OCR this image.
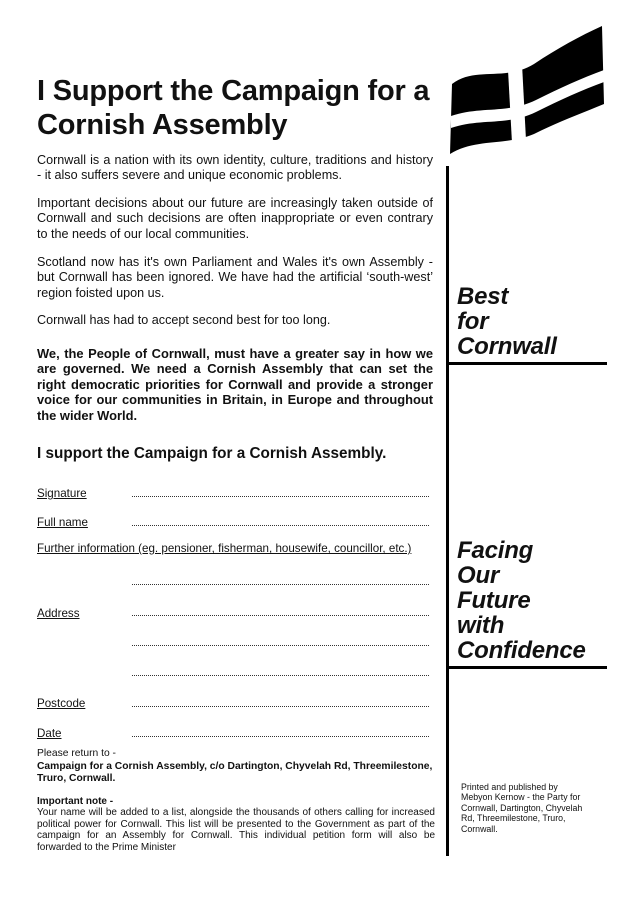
I Support the Campaign for a Cornish Assembly

Cornwall is a nation with its own identity, culture, traditions and history - it also suffers severe and unique economic problems.

Important decisions about our future are increasingly taken outside of Cornwall and such decisions are often inappropriate or even contrary to the needs of our local communities.

Scotland now has it's own Parliament and Wales it's own Assembly - but Cornwall has been ignored. We have had the artificial ‘south-west’ region foisted upon us.

Cornwall has had to accept second best for too long.

We, the People of Cornwall, must have a greater say in how we are governed. We need a Cornish Assembly that can set the right democratic priorities for Cornwall and provide a stronger voice for our communities in Britain, in Europe and throughout the wider World.

I support the Campaign for a Cornish Assembly.
Signature
Full name
Further information (eg. pensioner, fisherman, housewife, councillor, etc.)
Address
Postcode
Date
Please return to -
Campaign for a Cornish Assembly, c/o Dartington, Chyvelah Rd, Threemilestone, Truro, Cornwall.
Important note -
Your name will be added to a list, alongside the thousands of others calling for increased political power for Cornwall. This list will be presented to the Government as part of the campaign for an Assembly for Cornwall. This individual petition form will also be forwarded to the Prime Minister
Best
for
Cornwall
Facing
Our
Future
with
Confidence
Printed and published by Mebyon Kernow - the Party for Cornwall, Dartington, Chyvelah Rd, Threemilestone, Truro, Cornwall.
